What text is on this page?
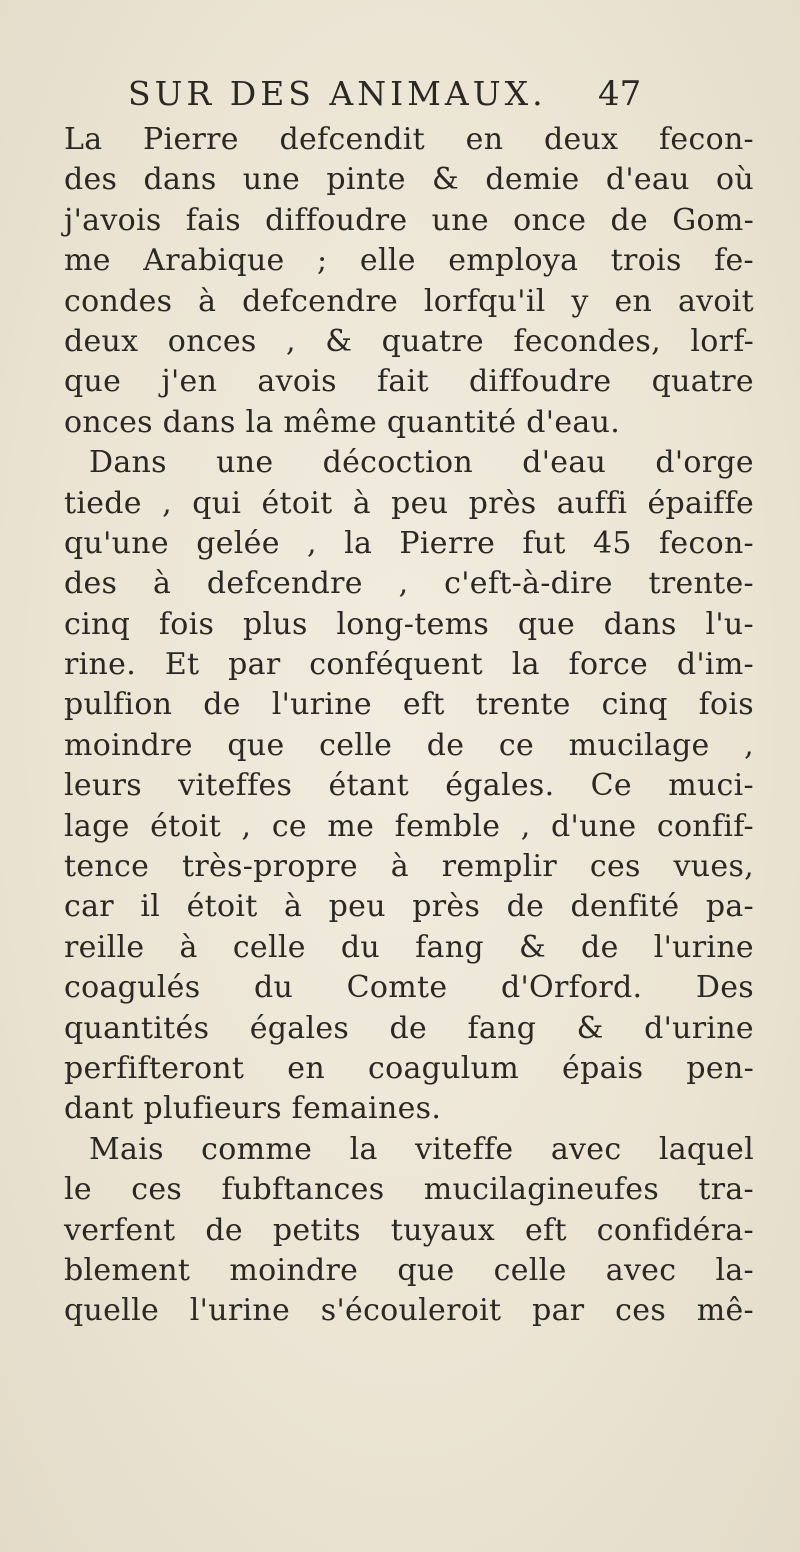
SUR DES ANIMAUX. 47
La Pierre defcendit en deux fecon-
des dans une pinte & demie d'eau où
j'avois fais diffoudre une once de Gom-
me Arabique ; elle employa trois fe-
condes à defcendre lorfqu'il y en avoit
deux onces , & quatre fecondes, lorf-
que j'en avois fait diffoudre quatre
onces dans la même quantité d'eau.
Dans une décoction d'eau d'orge
tiede , qui étoit à peu près auffi épaiffe
qu'une gelée , la Pierre fut 45 fecon-
des à defcendre , c'eft-à-dire trente-
cinq fois plus long-tems que dans l'u-
rine. Et par conféquent la force d'im-
pulfion de l'urine eft trente cinq fois
moindre que celle de ce mucilage ,
leurs viteffes étant égales. Ce muci-
lage étoit , ce me femble , d'une confif-
tence très-propre à remplir ces vues,
car il étoit à peu près de denfité pa-
reille à celle du fang & de l'urine
coagulés du Comte d'Orford. Des
quantités égales de fang & d'urine
perfifteront en coagulum épais pen-
dant plufieurs femaines.
Mais comme la viteffe avec laquel
le ces fubftances mucilagineufes tra-
verfent de petits tuyaux eft confidéra-
blement moindre que celle avec la-
quelle l'urine s'écouleroit par ces mê-
